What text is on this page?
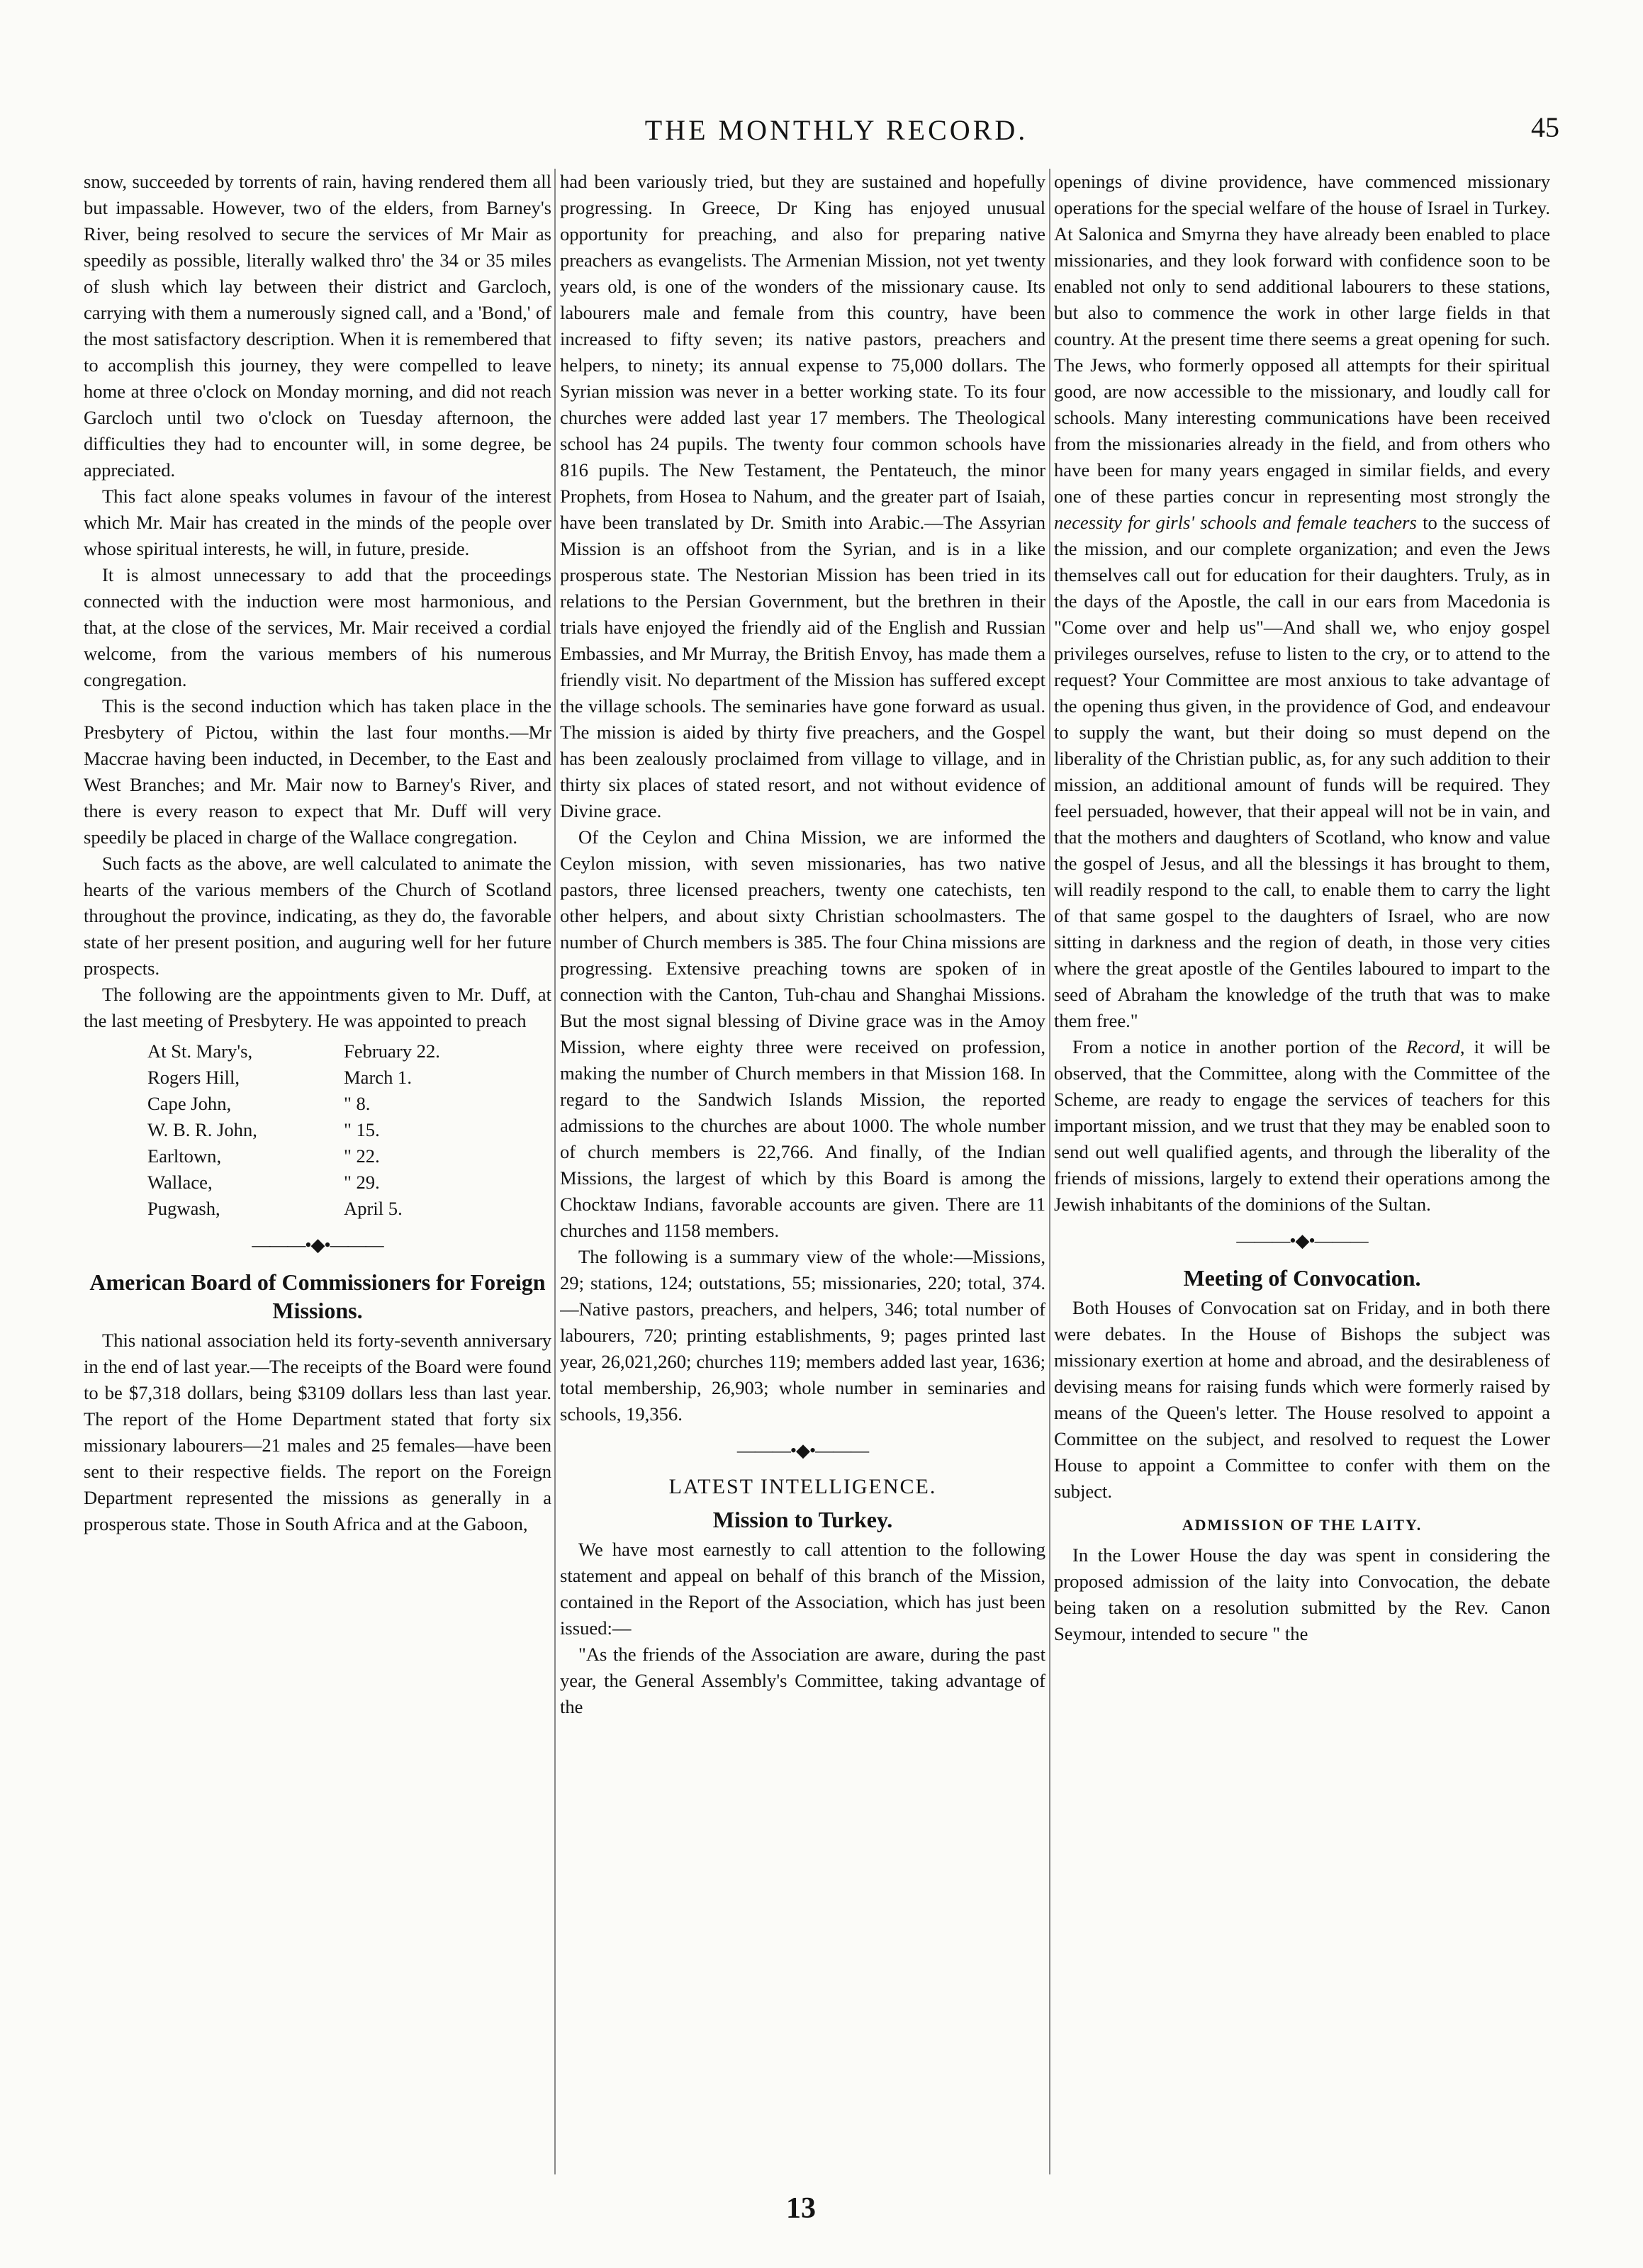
THE MONTHLY RECORD.	45

snow, succeeded by torrents of rain, having rendered them all but impassable. However, two of the elders, from Barney's River, being resolved to secure the services of Mr Mair as speedily as possible, literally walked thro' the 34 or 35 miles of slush which lay between their district and Garcloch, carrying with them a numerously signed call, and a 'Bond,' of the most satisfactory description. When it is remembered that to accomplish this journey, they were compelled to leave home at three o'clock on Monday morning, and did not reach Garcloch until two o'clock on Tuesday afternoon, the difficulties they had to encounter will, in some degree, be appreciated.

This fact alone speaks volumes in favour of the interest which Mr. Mair has created in the minds of the people over whose spiritual interests, he will, in future, preside.

It is almost unnecessary to add that the proceedings connected with the induction were most harmonious, and that, at the close of the services, Mr. Mair received a cordial welcome, from the various members of his numerous congregation.

This is the second induction which has taken place in the Presbytery of Pictou, within the last four months.—Mr Maccrae having been inducted, in December, to the East and West Branches; and Mr. Mair now to Barney's River, and there is every reason to expect that Mr. Duff will very speedily be placed in charge of the Wallace congregation.

Such facts as the above, are well calculated to animate the hearts of the various members of the Church of Scotland throughout the province, indicating, as they do, the favorable state of her present position, and auguring well for her future prospects.

The following are the appointments given to Mr. Duff, at the last meeting of Presbytery. He was appointed to preach

At St. Mary's,	February 22.
Rogers Hill,	March 1.
Cape John,	" 8.
W. B. R. John,	" 15.
Earltown,	" 22.
Wallace,	" 29.
Pugwash,	April 5.
———•◆•———
American Board of Commissioners for Foreign Missions.

This national association held its forty-seventh anniversary in the end of last year.—The receipts of the Board were found to be $7,318 dollars, being $3109 dollars less than last year. The report of the Home Department stated that forty six missionary labourers—21 males and 25 females—have been sent to their respective fields. The report on the Foreign Department represented the missions as generally in a prosperous state. Those in South Africa and at the Gaboon,

had been variously tried, but they are sustained and hopefully progressing. In Greece, Dr King has enjoyed unusual opportunity for preaching, and also for preparing native preachers as evangelists. The Armenian Mission, not yet twenty years old, is one of the wonders of the missionary cause. Its labourers male and female from this country, have been increased to fifty seven; its native pastors, preachers and helpers, to ninety; its annual expense to 75,000 dollars. The Syrian mission was never in a better working state. To its four churches were added last year 17 members. The Theological school has 24 pupils. The twenty four common schools have 816 pupils. The New Testament, the Pentateuch, the minor Prophets, from Hosea to Nahum, and the greater part of Isaiah, have been translated by Dr. Smith into Arabic.—The Assyrian Mission is an offshoot from the Syrian, and is in a like prosperous state. The Nestorian Mission has been tried in its relations to the Persian Government, but the brethren in their trials have enjoyed the friendly aid of the English and Russian Embassies, and Mr Murray, the British Envoy, has made them a friendly visit. No department of the Mission has suffered except the village schools. The seminaries have gone forward as usual. The mission is aided by thirty five preachers, and the Gospel has been zealously proclaimed from village to village, and in thirty six places of stated resort, and not without evidence of Divine grace.

Of the Ceylon and China Mission, we are informed the Ceylon mission, with seven missionaries, has two native pastors, three licensed preachers, twenty one catechists, ten other helpers, and about sixty Christian schoolmasters. The number of Church members is 385. The four China missions are progressing. Extensive preaching towns are spoken of in connection with the Canton, Tuh-chau and Shanghai Missions. But the most signal blessing of Divine grace was in the Amoy Mission, where eighty three were received on profession, making the number of Church members in that Mission 168. In regard to the Sandwich Islands Mission, the reported admissions to the churches are about 1000. The whole number of church members is 22,766. And finally, of the Indian Missions, the largest of which by this Board is among the Chocktaw Indians, favorable accounts are given. There are 11 churches and 1158 members.

The following is a summary view of the whole:—Missions, 29; stations, 124; outstations, 55; missionaries, 220; total, 374.—Native pastors, preachers, and helpers, 346; total number of labourers, 720; printing establishments, 9; pages printed last year, 26,021,260; churches 119; members added last year, 1636; total membership, 26,903; whole number in seminaries and schools, 19,356.

———•◆•———
LATEST INTELLIGENCE.
Mission to Turkey.

We have most earnestly to call attention to the following statement and appeal on behalf of this branch of the Mission, contained in the Report of the Association, which has just been issued:—

"As the friends of the Association are aware, during the past year, the General Assembly's Committee, taking advantage of the

openings of divine providence, have commenced missionary operations for the special welfare of the house of Israel in Turkey. At Salonica and Smyrna they have already been enabled to place missionaries, and they look forward with confidence soon to be enabled not only to send additional labourers to these stations, but also to commence the work in other large fields in that country. At the present time there seems a great opening for such. The Jews, who formerly opposed all attempts for their spiritual good, are now accessible to the missionary, and loudly call for schools. Many interesting communications have been received from the missionaries already in the field, and from others who have been for many years engaged in similar fields, and every one of these parties concur in representing most strongly the necessity for girls' schools and female teachers to the success of the mission, and our complete organization; and even the Jews themselves call out for education for their daughters. Truly, as in the days of the Apostle, the call in our ears from Macedonia is "Come over and help us"—And shall we, who enjoy gospel privileges ourselves, refuse to listen to the cry, or to attend to the request? Your Committee are most anxious to take advantage of the opening thus given, in the providence of God, and endeavour to supply the want, but their doing so must depend on the liberality of the Christian public, as, for any such addition to their mission, an additional amount of funds will be required. They feel persuaded, however, that their appeal will not be in vain, and that the mothers and daughters of Scotland, who know and value the gospel of Jesus, and all the blessings it has brought to them, will readily respond to the call, to enable them to carry the light of that same gospel to the daughters of Israel, who are now sitting in darkness and the region of death, in those very cities where the great apostle of the Gentiles laboured to impart to the seed of Abraham the knowledge of the truth that was to make them free."

From a notice in another portion of the Record, it will be observed, that the Committee, along with the Committee of the Scheme, are ready to engage the services of teachers for this important mission, and we trust that they may be enabled soon to send out well qualified agents, and through the liberality of the friends of missions, largely to extend their operations among the Jewish inhabitants of the dominions of the Sultan.

———•◆•———
Meeting of Convocation.

Both Houses of Convocation sat on Friday, and in both there were debates. In the House of Bishops the subject was missionary exertion at home and abroad, and the desirableness of devising means for raising funds which were formerly raised by means of the Queen's letter. The House resolved to appoint a Committee on the subject, and resolved to request the Lower House to appoint a Committee to confer with them on the subject.

ADMISSION OF THE LAITY.

In the Lower House the day was spent in considering the proposed admission of the laity into Convocation, the debate being taken on a resolution submitted by the Rev. Canon Seymour, intended to secure " the

13
